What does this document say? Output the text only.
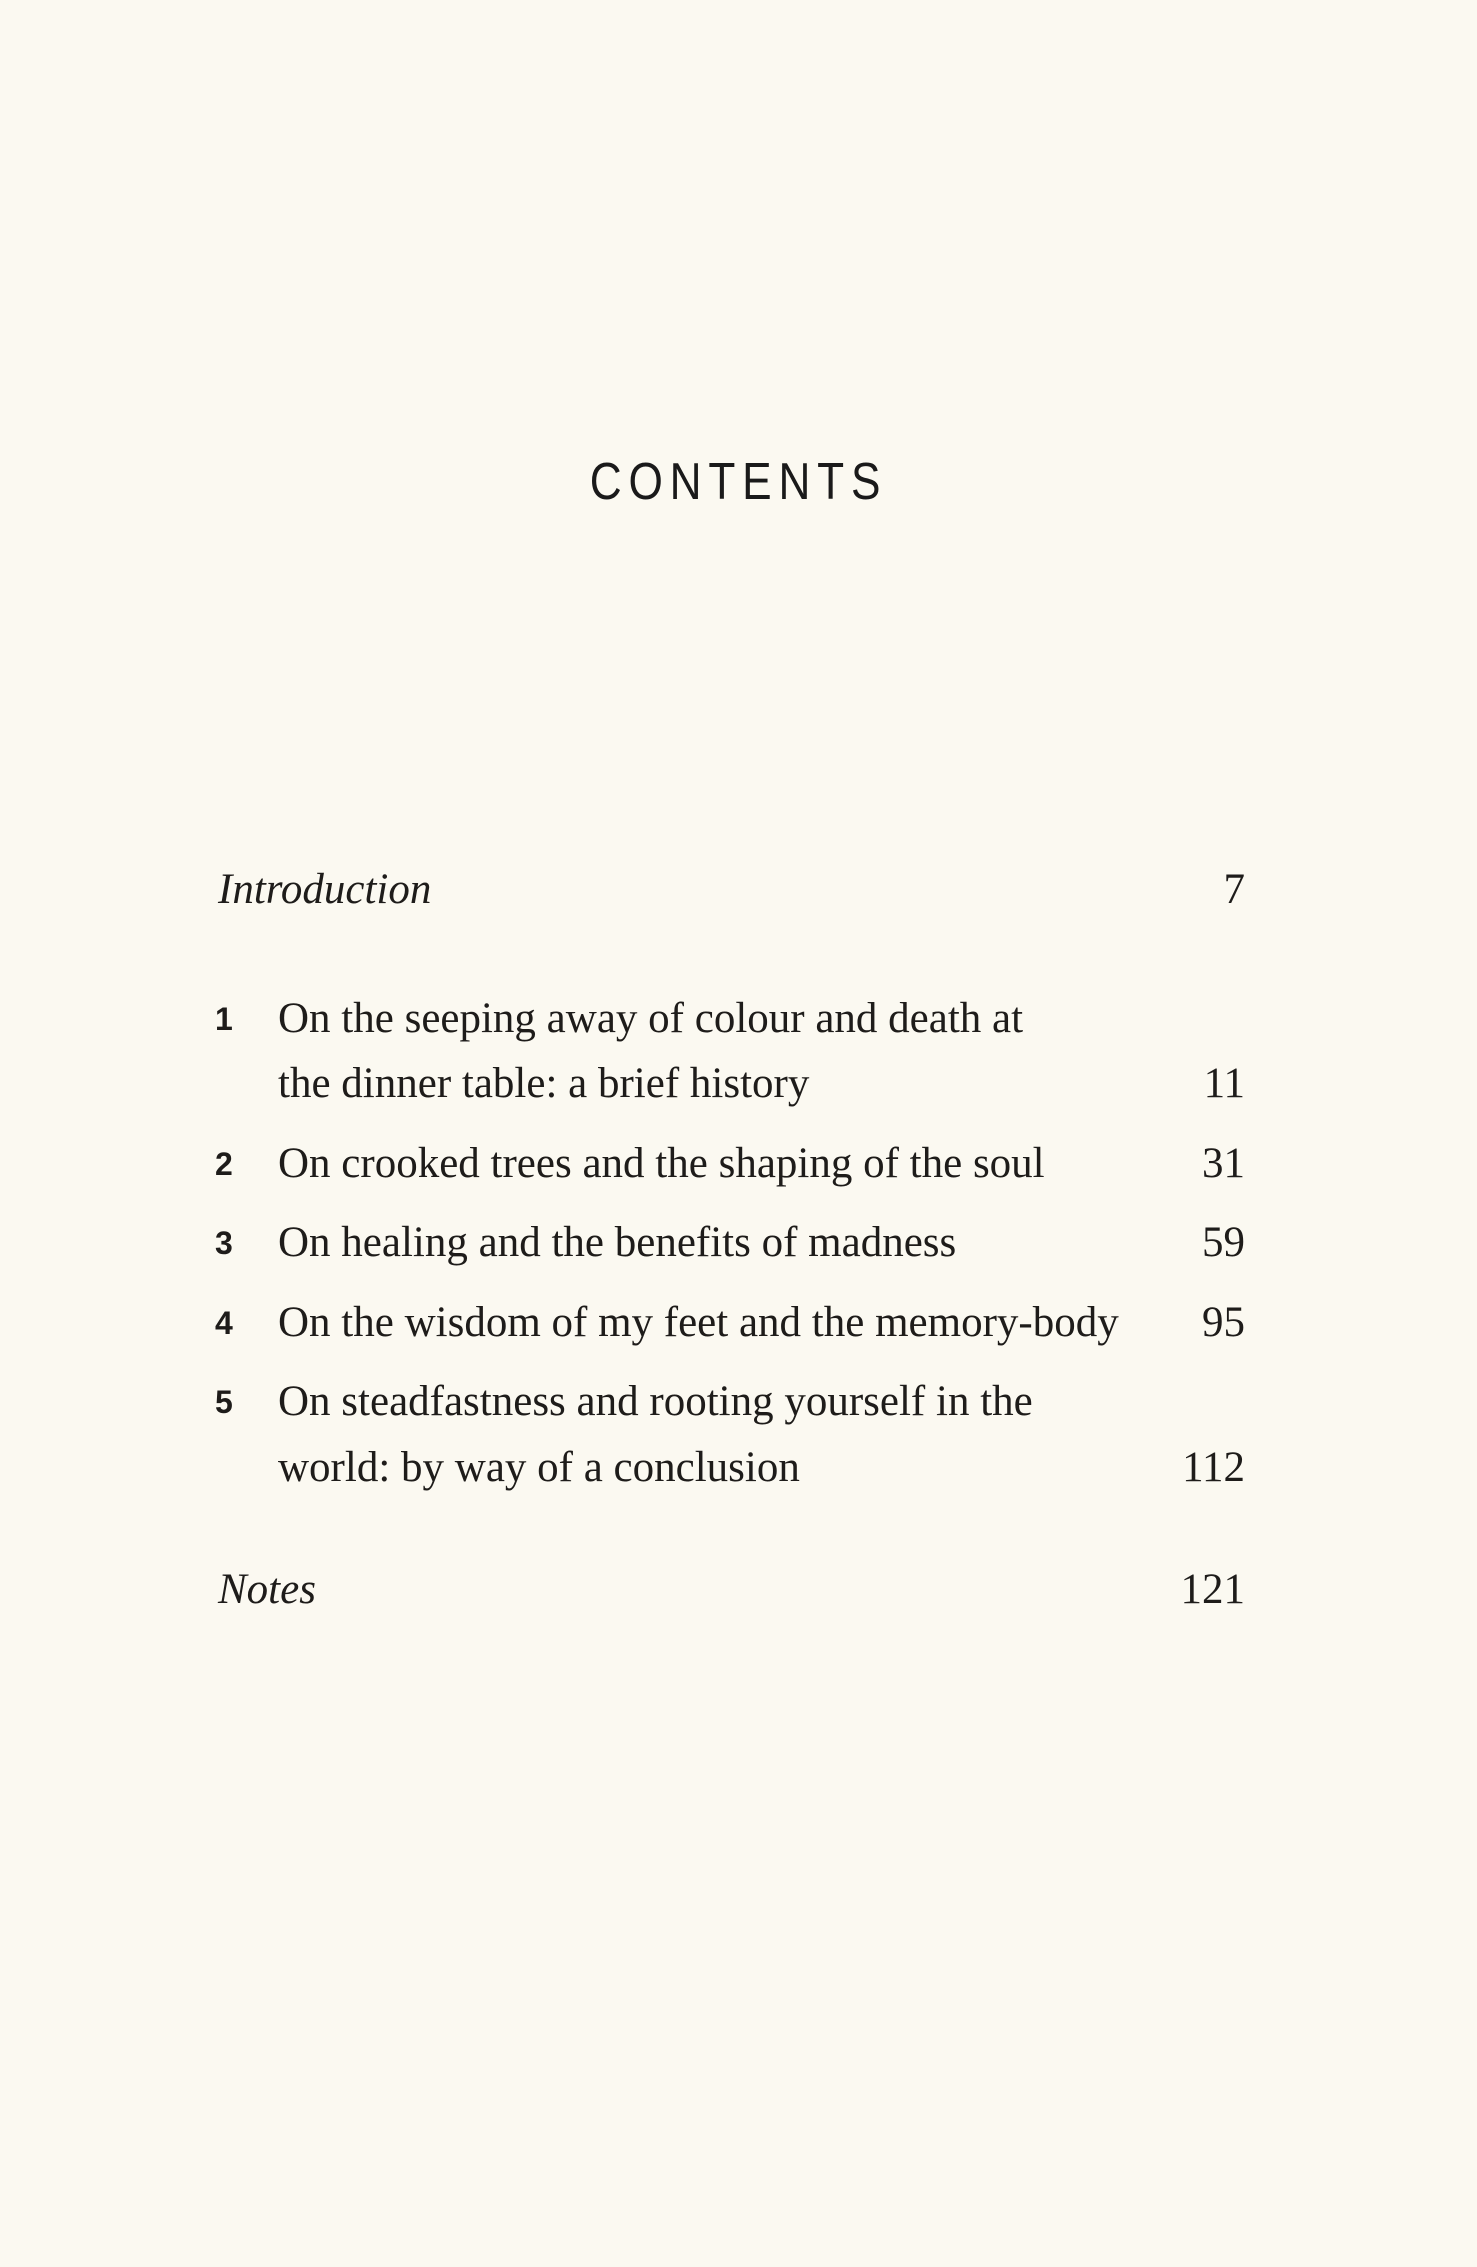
CONTENTS
Introduction	7
1 On the seeping away of colour and death at
the dinner table: a brief history	11
2 On crooked trees and the shaping of the soul	31
3 On healing and the benefits of madness	59
4 On the wisdom of my feet and the memory-body 95
5 On steadfastness and rooting yourself in the
world: by way of a conclusion	112
Notes	121
